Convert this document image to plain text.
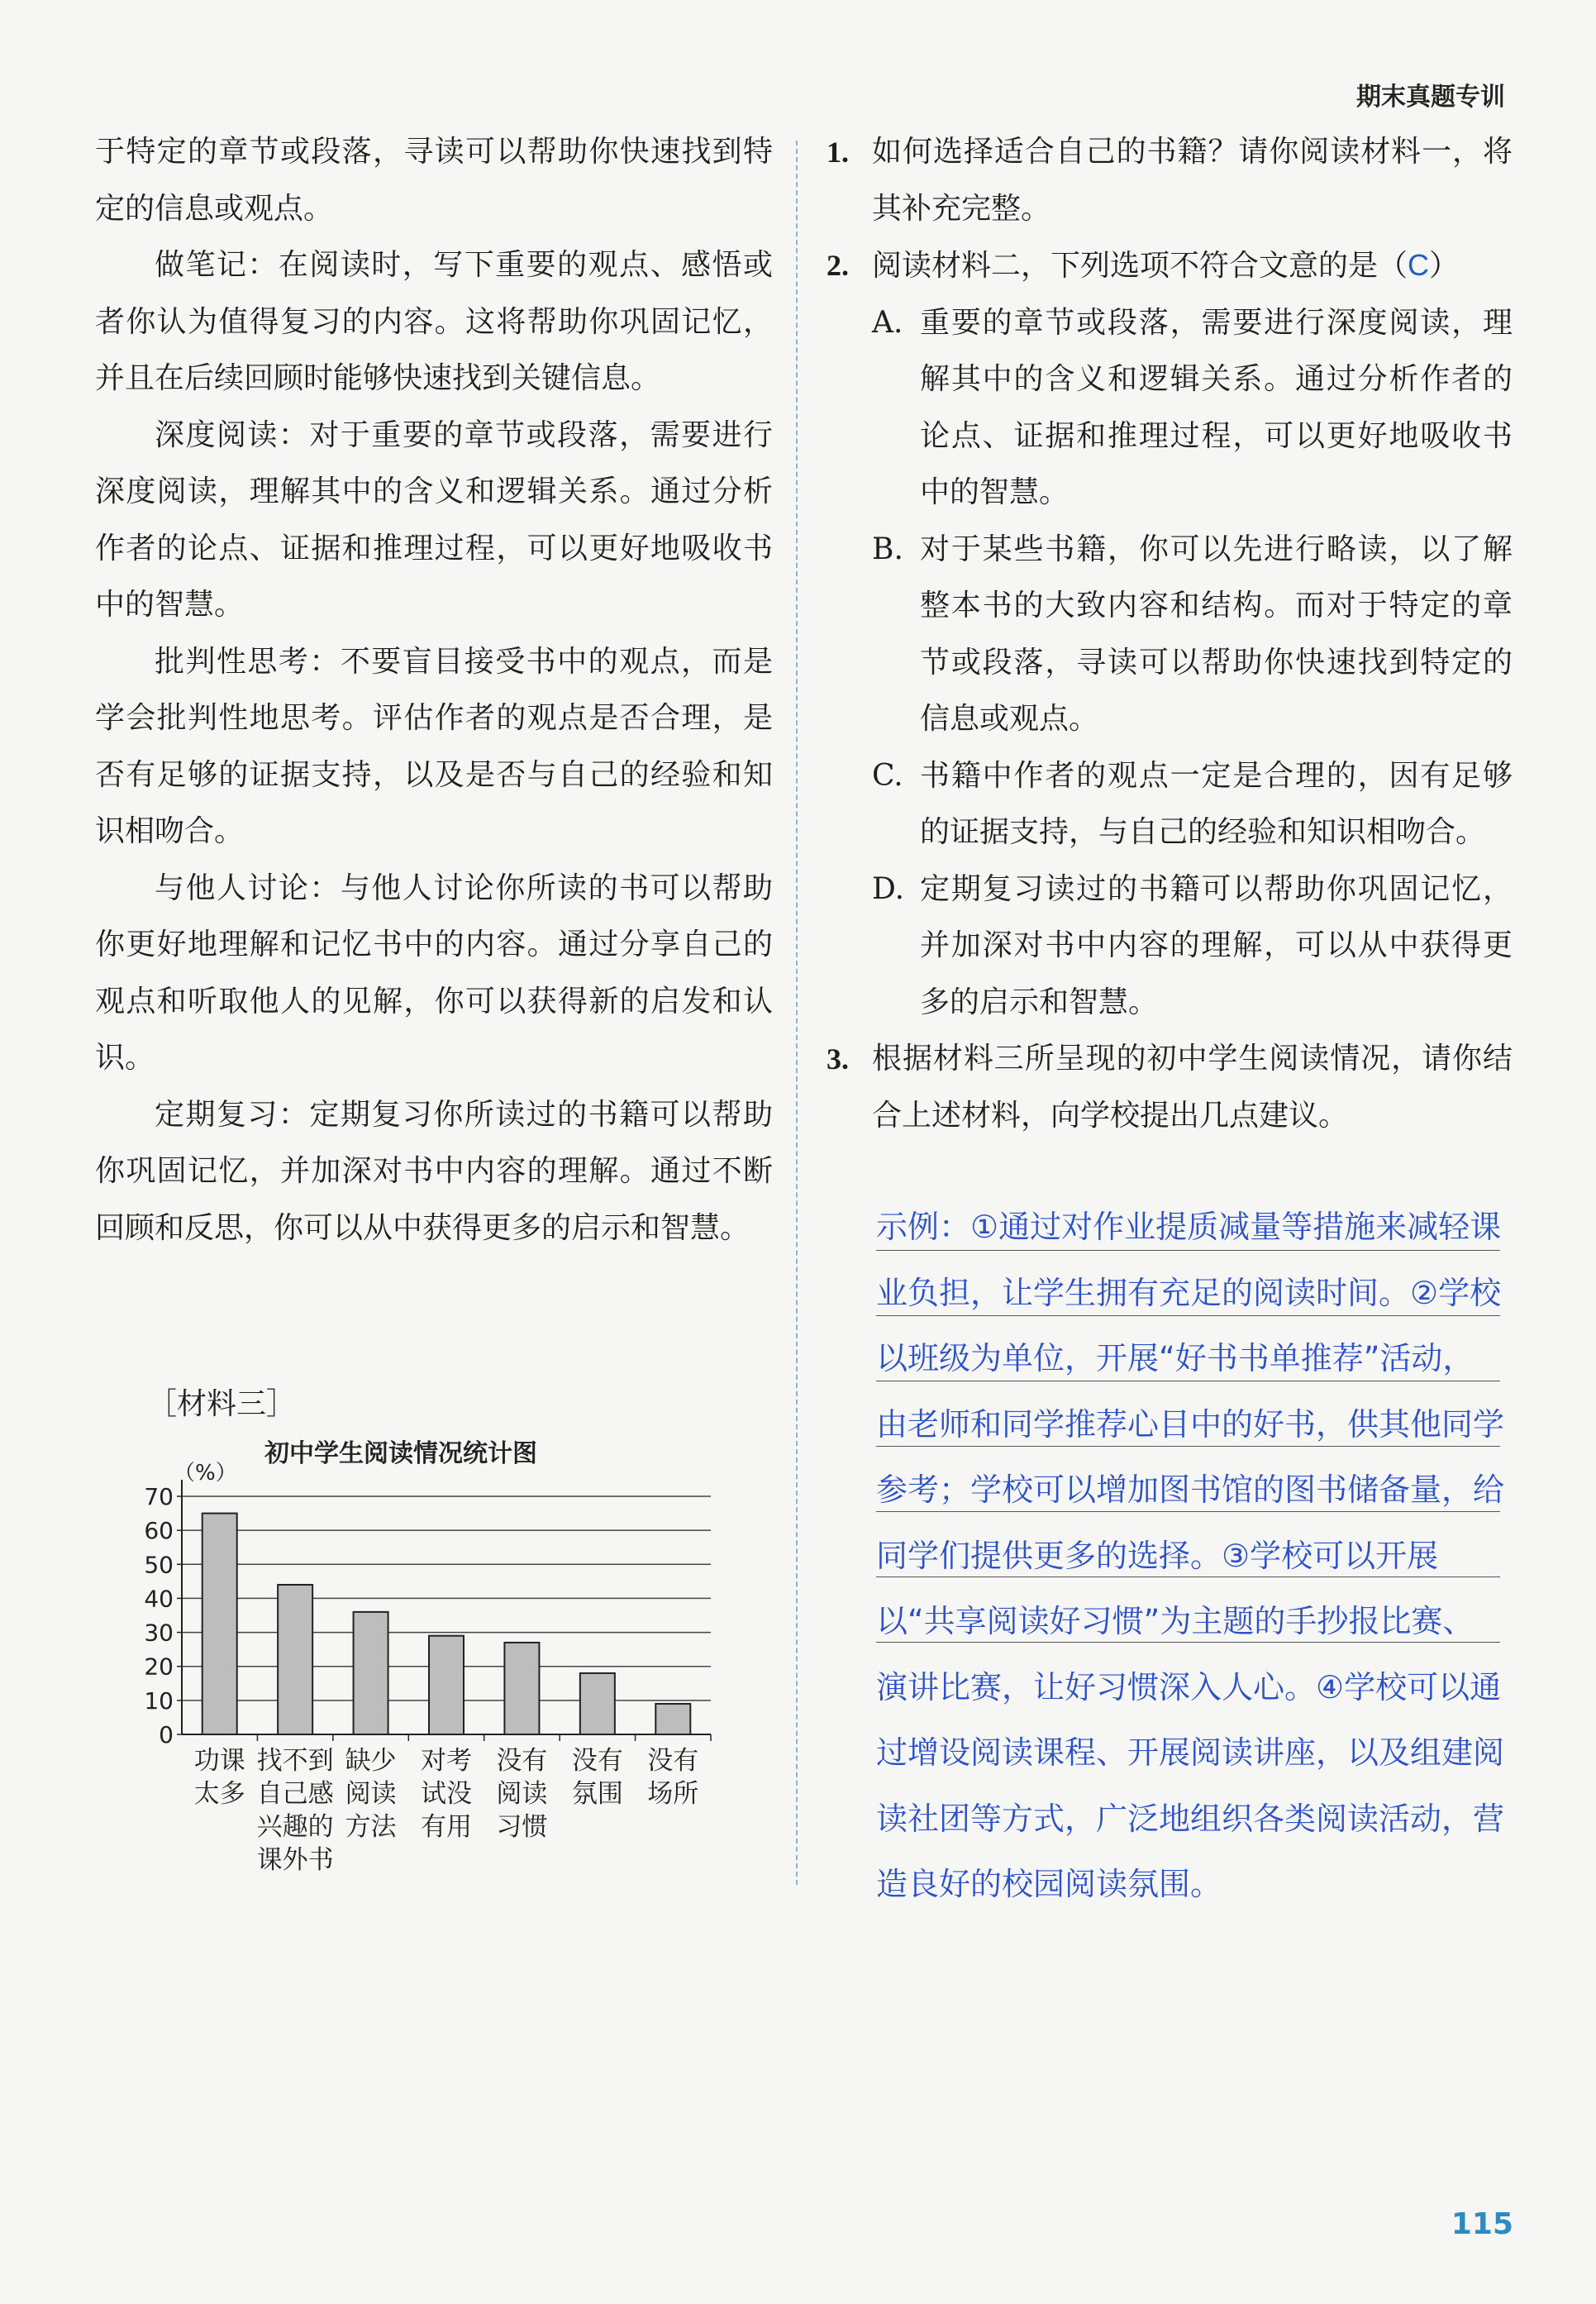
期末真题专训

于特定的章节或段落，寻读可以帮助你快速找到特定的信息或观点。

做笔记：在阅读时，写下重要的观点、感悟或者你认为值得复习的内容。这将帮助你巩固记忆，并且在后续回顾时能够快速找到关键信息。

深度阅读：对于重要的章节或段落，需要进行深度阅读，理解其中的含义和逻辑关系。通过分析作者的论点、证据和推理过程，可以更好地吸收书中的智慧。

批判性思考：不要盲目接受书中的观点，而是学会批判性地思考。评估作者的观点是否合理，是否有足够的证据支持，以及是否与自己的经验和知识相吻合。

与他人讨论：与他人讨论你所读的书可以帮助你更好地理解和记忆书中的内容。通过分享自己的观点和听取他人的见解，你可以获得新的启发和认识。

定期复习：定期复习你所读过的书籍可以帮助你巩固记忆，并加深对书中内容的理解。通过不断回顾和反思，你可以从中获得更多的启示和智慧。

［材料三］
初中学生阅读情况统计图
（%）
0
10
20
30
40
50
60
70
功课
太多
找不到
自己感
兴趣的
课外书
缺少
阅读
方法
对考
试没
有用
没有
阅读
习惯
没有
氛围
没有
场所
1. 如何选择适合自己的书籍？请你阅读材料一，将其补充完整。
2. 阅读材料二，下列选项不符合文意的是（C）
A. 重要的章节或段落，需要进行深度阅读，理解其中的含义和逻辑关系。通过分析作者的论点、证据和推理过程，可以更好地吸收书中的智慧。
B. 对于某些书籍，你可以先进行略读，以了解整本书的大致内容和结构。而对于特定的章节或段落，寻读可以帮助你快速找到特定的信息或观点。
C. 书籍中作者的观点一定是合理的，因有足够的证据支持，与自己的经验和知识相吻合。
D. 定期复习读过的书籍可以帮助你巩固记忆，并加深对书中内容的理解，可以从中获得更多的启示和智慧。
3. 根据材料三所呈现的初中学生阅读情况，请你结合上述材料，向学校提出几点建议。
示例：①通过对作业提质减量等措施来减轻课业负担，让学生拥有充足的阅读时间。②学校以班级为单位，开展“好书书单推荐”活动，由老师和同学推荐心目中的好书，供其他同学参考；学校可以增加图书馆的图书储备量，给同学们提供更多的选择。③学校可以开展以“共享阅读好习惯”为主题的手抄报比赛、演讲比赛，让好习惯深入人心。④学校可以通过增设阅读课程、开展阅读讲座，以及组建阅读社团等方式，广泛地组织各类阅读活动，营造良好的校园阅读氛围。
115
